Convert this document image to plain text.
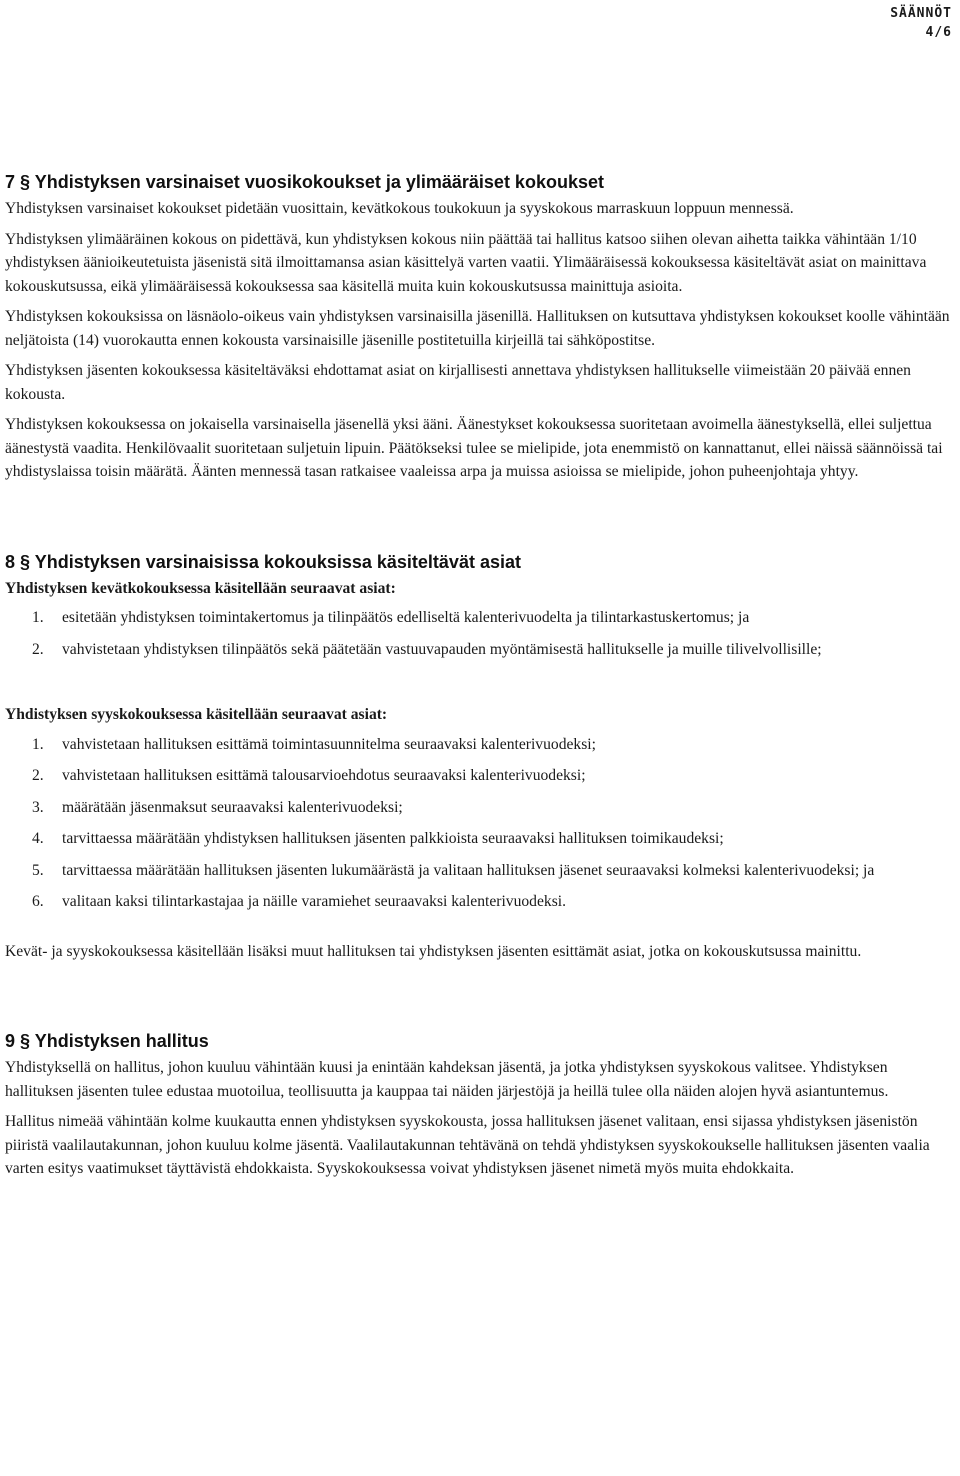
SÄÄNNÖT
4/6
7 § Yhdistyksen varsinaiset vuosikokoukset ja ylimääräiset kokoukset

Yhdistyksen varsinaiset kokoukset pidetään vuosittain, kevätkokous toukokuun ja syyskokous marraskuun loppuun mennessä.

Yhdistyksen ylimääräinen kokous on pidettävä, kun yhdistyksen kokous niin päättää tai hallitus katsoo siihen olevan aihetta taikka vähintään 1/10 yhdistyksen äänioikeutetuista jäsenistä sitä ilmoittamansa asian käsittelyä varten vaatii. Ylimääräisessä kokouksessa käsiteltävät asiat on mainittava kokouskutsussa, eikä ylimääräisessä kokouksessa saa käsitellä muita kuin kokouskutsussa mainittuja asioita.

Yhdistyksen kokouksissa on läsnäolo-oikeus vain yhdistyksen varsinaisilla jäsenillä. Hallituksen on kutsuttava yhdistyksen kokoukset koolle vähintään neljätoista (14) vuorokautta ennen kokousta varsinaisille jäsenille postitetuilla kirjeillä tai sähköpostitse.

Yhdistyksen jäsenten kokouksessa käsiteltäväksi ehdottamat asiat on kirjallisesti annettava yhdistyksen hallitukselle viimeistään 20 päivää ennen kokousta.

Yhdistyksen kokouksessa on jokaisella varsinaisella jäsenellä yksi ääni. Äänestykset kokouksessa suoritetaan avoimella äänestyksellä, ellei suljettua äänestystä vaadita. Henkilövaalit suoritetaan suljetuin lipuin. Päätökseksi tulee se mielipide, jota enemmistö on kannattanut, ellei näissä säännöissä tai yhdistyslaissa toisin määrätä. Äänten mennessä tasan ratkaisee vaaleissa arpa ja muissa asioissa se mielipide, johon puheenjohtaja yhtyy.

8 § Yhdistyksen varsinaisissa kokouksissa käsiteltävät asiat
Yhdistyksen kevätkokouksessa käsitellään seuraavat asiat:
1.	esitetään yhdistyksen toimintakertomus ja tilinpäätös edelliseltä kalenterivuodelta ja tilintarkastuskertomus; ja
2.	vahvistetaan yhdistyksen tilinpäätös sekä päätetään vastuuvapauden myöntämisestä hallitukselle ja muille tilivelvollisille;
Yhdistyksen syyskokouksessa käsitellään seuraavat asiat:
1.	vahvistetaan hallituksen esittämä toimintasuunnitelma seuraavaksi kalenterivuodeksi;
2.	vahvistetaan hallituksen esittämä talousarvioehdotus seuraavaksi kalenterivuodeksi;
3.	määrätään jäsenmaksut seuraavaksi kalenterivuodeksi;
4.	tarvittaessa määrätään yhdistyksen hallituksen jäsenten palkkioista seuraavaksi hallituksen toimikaudeksi;
5.	tarvittaessa määrätään hallituksen jäsenten lukumäärästä ja valitaan hallituksen jäsenet seuraavaksi kolmeksi kalenterivuodeksi; ja
6.	valitaan kaksi tilintarkastajaa ja näille varamiehet seuraavaksi kalenterivuodeksi.

Kevät- ja syyskokouksessa käsitellään lisäksi muut hallituksen tai yhdistyksen jäsenten esittämät asiat, jotka on kokouskutsussa mainittu.

9 § Yhdistyksen hallitus

Yhdistyksellä on hallitus, johon kuuluu vähintään kuusi ja enintään kahdeksan jäsentä, ja jotka yhdistyksen syyskokous valitsee. Yhdistyksen hallituksen jäsenten tulee edustaa muotoilua, teollisuutta ja kauppaa tai näiden järjestöjä ja heillä tulee olla näiden alojen hyvä asiantuntemus.

Hallitus nimeää vähintään kolme kuukautta ennen yhdistyksen syyskokousta, jossa hallituksen jäsenet valitaan, ensi sijassa yhdistyksen jäsenistön piiristä vaalilautakunnan, johon kuuluu kolme jäsentä. Vaalilautakunnan tehtävänä on tehdä yhdistyksen syyskokoukselle hallituksen jäsenten vaalia varten esitys vaatimukset täyttävistä ehdokkaista. Syyskokouksessa voivat yhdistyksen jäsenet nimetä myös muita ehdokkaita.
